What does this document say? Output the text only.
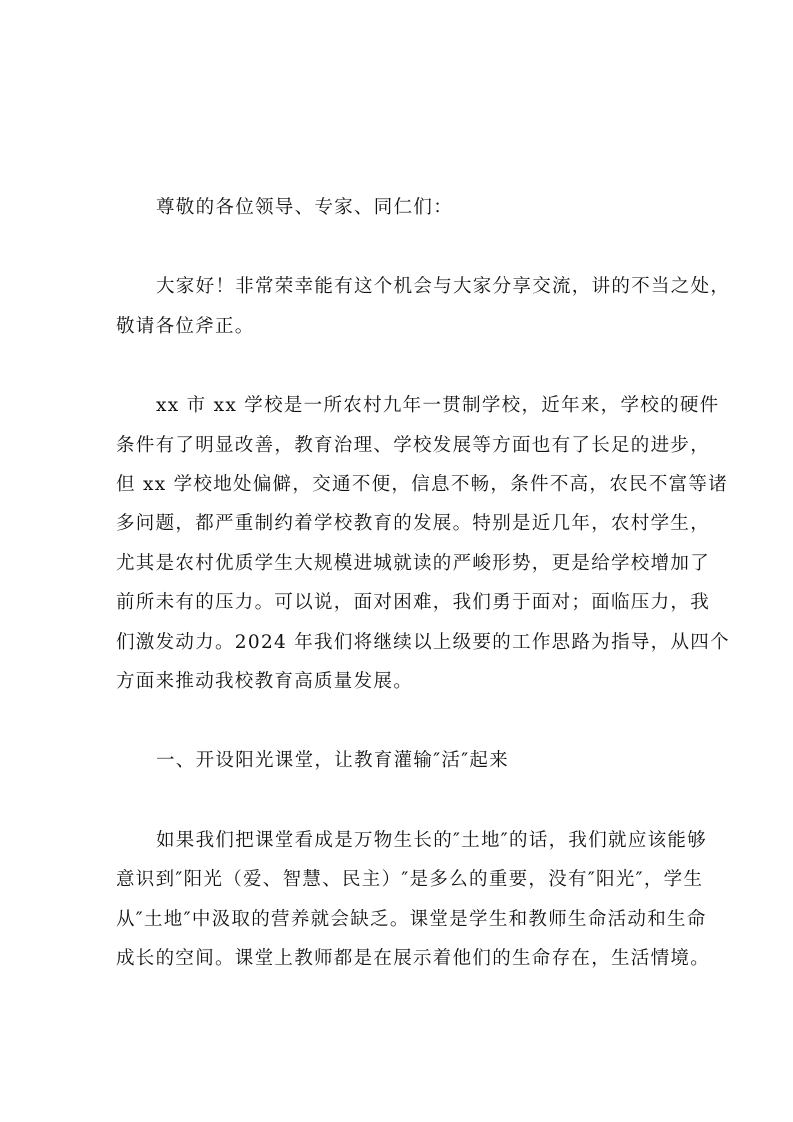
尊敬的各位领导、专家、同仁们：

大家好！非常荣幸能有这个机会与大家分享交流，讲的不当之处，
敬请各位斧正。

xx 市 xx 学校是一所农村九年一贯制学校，近年来，学校的硬件
条件有了明显改善，教育治理、学校发展等方面也有了长足的进步，
但 xx 学校地处偏僻，交通不便，信息不畅，条件不高，农民不富等诸
多问题，都严重制约着学校教育的发展。特别是近几年，农村学生，
尤其是农村优质学生大规模进城就读的严峻形势，更是给学校增加了
前所未有的压力。可以说，面对困难，我们勇于面对；面临压力，我
们激发动力。2024 年我们将继续以上级要的工作思路为指导，从四个
方面来推动我校教育高质量发展。

一、开设阳光课堂，让教育灌输″活″起来

如果我们把课堂看成是万物生长的″土地″的话，我们就应该能够
意识到″阳光（爱、智慧、民主）″是多么的重要，没有″阳光″，学生
从″土地″中汲取的营养就会缺乏。课堂是学生和教师生命活动和生命
成长的空间。课堂上教师都是在展示着他们的生命存在，生活情境。
